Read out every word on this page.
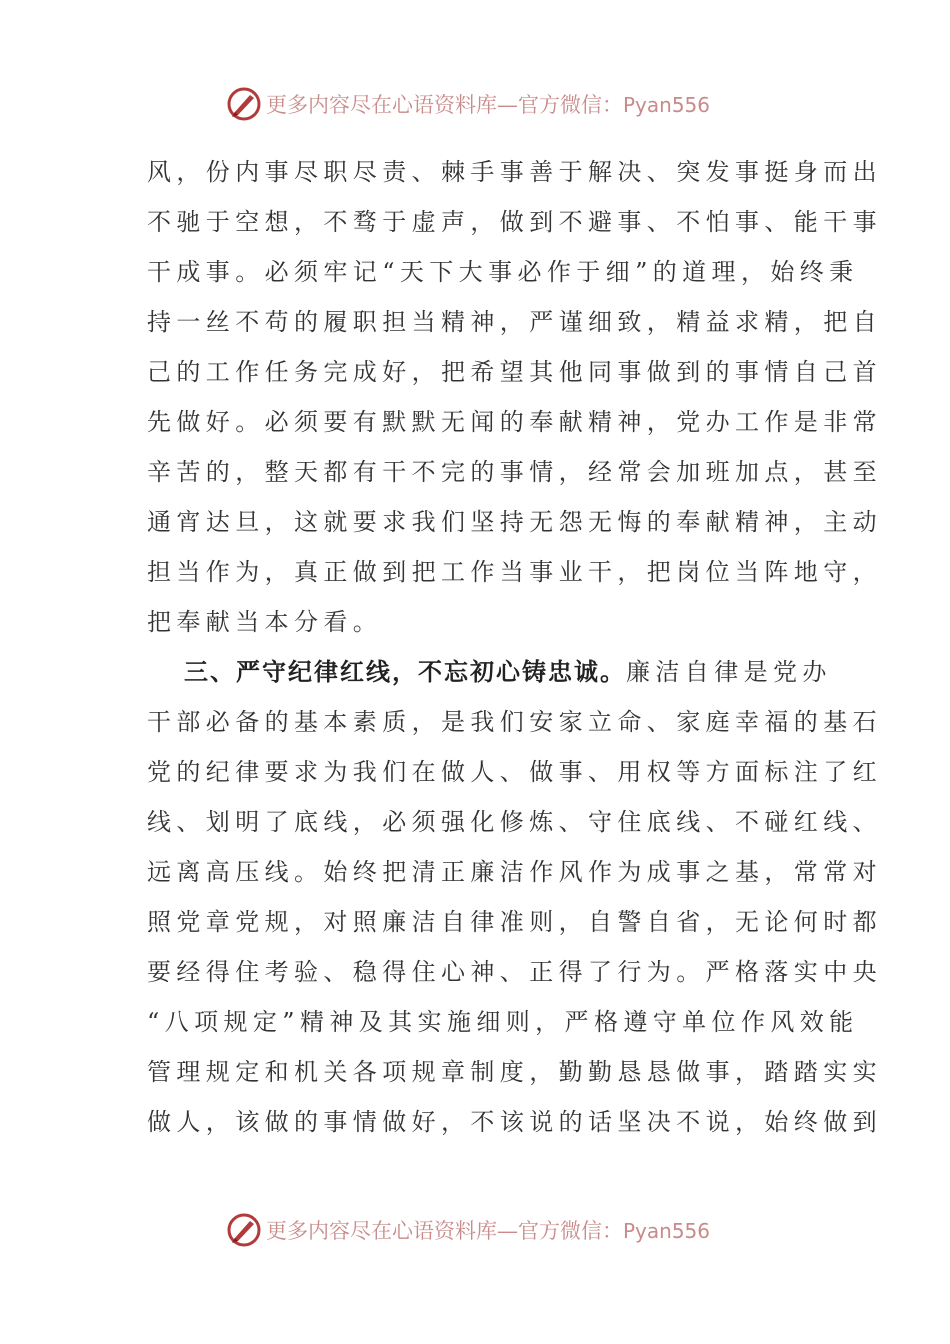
更多内容尽在心语资料库—官方微信：Pyan556
风，份内事尽职尽责、棘手事善于解决、突发事挺身而出
不驰于空想，不骛于虚声，做到不避事、不怕事、能干事
干成事。必须牢记“天下大事必作于细”的道理，始终秉
持一丝不苟的履职担当精神，严谨细致，精益求精，把自
己的工作任务完成好，把希望其他同事做到的事情自己首
先做好。必须要有默默无闻的奉献精神，党办工作是非常
辛苦的，整天都有干不完的事情，经常会加班加点，甚至
通宵达旦，这就要求我们坚持无怨无悔的奉献精神，主动
担当作为，真正做到把工作当事业干，把岗位当阵地守，
把奉献当本分看。
三、严守纪律红线，不忘初心铸忠诚。廉洁自律是党办
干部必备的基本素质，是我们安家立命、家庭幸福的基石
党的纪律要求为我们在做人、做事、用权等方面标注了红
线、划明了底线，必须强化修炼、守住底线、不碰红线、
远离高压线。始终把清正廉洁作风作为成事之基，常常对
照党章党规，对照廉洁自律准则，自警自省，无论何时都
要经得住考验、稳得住心神、正得了行为。严格落实中央
“八项规定”精神及其实施细则，严格遵守单位作风效能
管理规定和机关各项规章制度，勤勤恳恳做事，踏踏实实
做人，该做的事情做好，不该说的话坚决不说，始终做到
更多内容尽在心语资料库—官方微信：Pyan556
